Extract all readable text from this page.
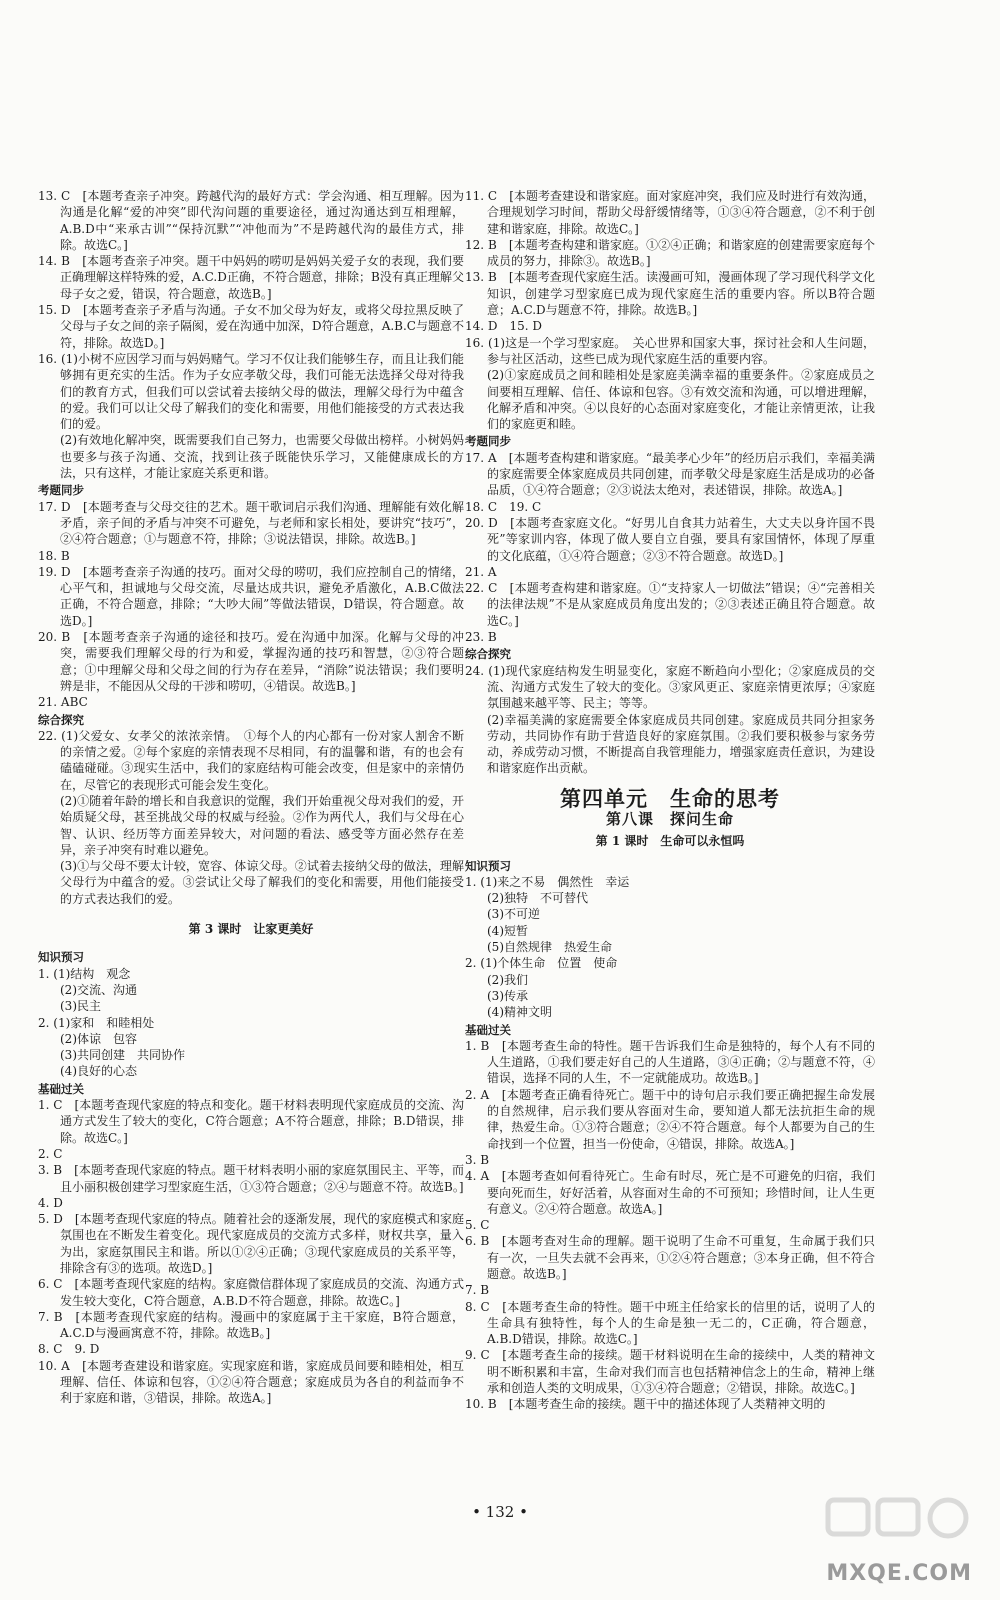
13. C　[本题考查亲子冲突。跨越代沟的最好方式：学会沟通、相互理解。因为沟通是化解“爱的冲突”即代沟问题的重要途径，通过沟通达到互相理解，A.B.D中“来承古训”“保持沉默”“冲他而为”不是跨越代沟的最佳方式，排除。故选C。]
14. B　[本题考查亲子冲突。题干中妈妈的唠叨是妈妈关爱子女的表现，我们要正确理解这样特殊的爱，A.C.D正确，不符合题意，排除；B没有真正理解父母子女之爱，错误，符合题意，故选B。]
15. D　[本题考查亲子矛盾与沟通。子女不加父母为好友，或将父母拉黑反映了父母与子女之间的亲子隔阂，爱在沟通中加深，D符合题意，A.B.C与题意不符，排除。故选D。]
16. (1)小树不应因学习而与妈妈赌气。学习不仅让我们能够生存，而且让我们能够拥有更充实的生活。作为子女应孝敬父母，我们可能无法选择父母对待我们的教育方式，但我们可以尝试着去接纳父母的做法，理解父母行为中蕴含的爱。我们可以让父母了解我们的变化和需要，用他们能接受的方式表达我们的爱。
(2)有效地化解冲突，既需要我们自己努力，也需要父母做出榜样。小树妈妈也要多与孩子沟通、交流，找到让孩子既能快乐学习，又能健康成长的方法，只有这样，才能让家庭关系更和谐。
考题同步
17. D　[本题考查与父母交往的艺术。题干歌词启示我们沟通、理解能有效化解矛盾，亲子间的矛盾与冲突不可避免，与老师和家长相处，要讲究“技巧”，②④符合题意；①与题意不符，排除；③说法错误，排除。故选B。]
18. B
19. D　[本题考查亲子沟通的技巧。面对父母的唠叨，我们应控制自己的情绪，心平气和，担诚地与父母交流，尽量达成共识，避免矛盾激化，A.B.C做法正确，不符合题意，排除；“大吵大闹”等做法错误，D错误，符合题意。故选D。]
20. B　[本题考查亲子沟通的途径和技巧。爱在沟通中加深。化解与父母的冲突，需要我们理解父母的行为和爱，掌握沟通的技巧和智慧，②③符合题意；①中理解父母和父母之间的行为存在差异，“消除”说法错误；我们要明辨是非，不能因从父母的干涉和唠叨，④错误。故选B。]
21. ABC
综合探究
22. (1)父爱女、女孝父的浓浓亲情。　①每个人的内心都有一份对家人割舍不断的亲情之爱。②每个家庭的亲情表现不尽相同，有的温馨和谐，有的也会有磕磕碰碰。③现实生活中，我们的家庭结构可能会改变，但是家中的亲情仍在，尽管它的表现形式可能会发生变化。
(2)①随着年龄的增长和自我意识的觉醒，我们开始重视父母对我们的爱，开始质疑父母，甚至挑战父母的权威与经验。②作为两代人，我们与父母在心智、认识、经历等方面差异较大，对问题的看法、感受等方面必然存在差异，亲子冲突有时难以避免。
(3)①与父母不要太计较，宽容、体谅父母。②试着去接纳父母的做法，理解父母行为中蕴含的爱。③尝试让父母了解我们的变化和需要，用他们能接受的方式表达我们的爱。
第 3 课时　让家更美好
知识预习
1. (1)结构　观念
(2)交流、沟通
(3)民主
2. (1)家和　和睦相处
(2)体谅　包容
(3)共同创建　共同协作
(4)良好的心态
基础过关
1. C　[本题考查现代家庭的特点和变化。题干材料表明现代家庭成员的交流、沟通方式发生了较大的变化，C符合题意；A不符合题意，排除；B.D错误，排除。故选C。]
2. C
3. B　[本题考查现代家庭的特点。题干材料表明小丽的家庭氛围民主、平等，而且小丽积极创建学习型家庭生活，①③符合题意；②④与题意不符。故选B。]
4. D
5. D　[本题考查现代家庭的特点。随着社会的逐渐发展，现代的家庭模式和家庭氛围也在不断发生着变化。现代家庭成员的交流方式多样，财权共享，量入为出，家庭氛围民主和谐。所以①②④正确；③现代家庭成员的关系平等，排除含有③的选项。故选D。]
6. C　[本题考查现代家庭的结构。家庭微信群体现了家庭成员的交流、沟通方式发生较大变化，C符合题意，A.B.D不符合题意，排除。故选C。]
7. B　[本题考查现代家庭的结构。漫画中的家庭属于主干家庭，B符合题意，A.C.D与漫画寓意不符，排除。故选B。]
8. C　9. D
10. A　[本题考查建设和谐家庭。实现家庭和谐，家庭成员间要和睦相处，相互理解、信任、体谅和包容，①②④符合题意；家庭成员为各自的利益而争不利于家庭和谐，③错误，排除。故选A。]
11. C　[本题考查建设和谐家庭。面对家庭冲突，我们应及时进行有效沟通，合理规划学习时间，帮助父母舒缓情绪等，①③④符合题意，②不利于创建和谐家庭，排除。故选C。]
12. B　[本题考查构建和谐家庭。①②④正确；和谐家庭的创建需要家庭每个成员的努力，排除③。故选B。]
13. B　[本题考查现代家庭生活。读漫画可知，漫画体现了学习现代科学文化知识，创建学习型家庭已成为现代家庭生活的重要内容。所以B符合题意；A.C.D与题意不符，排除。故选B。]
14. D　15. D
16. (1)这是一个学习型家庭。　关心世界和国家大事，探讨社会和人生问题，参与社区活动，这些已成为现代家庭生活的重要内容。
(2)①家庭成员之间和睦相处是家庭美满幸福的重要条件。②家庭成员之间要相互理解、信任、体谅和包容。③有效交流和沟通，可以增进理解，化解矛盾和冲突。④以良好的心态面对家庭变化，才能让亲情更浓，让我们的家庭更和睦。
考题同步
17. A　[本题考查构建和谐家庭。“最美孝心少年”的经历启示我们，幸福美满的家庭需要全体家庭成员共同创建，而孝敬父母是家庭生活是成功的必备品质，①④符合题意；②③说法太绝对，表述错误，排除。故选A。]
18. C　19. C
20. D　[本题考查家庭文化。“好男儿自食其力站着生，大丈夫以身许国不畏死”等家训内容，体现了做人要自立自强，要具有家国情怀，体现了厚重的文化底蕴，①④符合题意；②③不符合题意。故选D。]
21. A
22. C　[本题考查构建和谐家庭。①“支持家人一切做法”错误；④“完善相关的法律法规”不是从家庭成员角度出发的；②③表述正确且符合题意。故选C。]
23. B
综合探究
24. (1)现代家庭结构发生明显变化，家庭不断趋向小型化；②家庭成员的交流、沟通方式发生了较大的变化。③家风更正、家庭亲情更浓厚；④家庭氛围越来越平等、民主；等等。
(2)幸福美满的家庭需要全体家庭成员共同创建。家庭成员共同分担家务劳动，共同协作有助于营造良好的家庭氛围。②我们要积极参与家务劳动，养成劳动习惯，不断提高自我管理能力，增强家庭责任意识，为建设和谐家庭作出贡献。
第四单元　生命的思考
第八课　探问生命
第 1 课时　生命可以永恒吗
知识预习
1. (1)来之不易　偶然性　幸运
(2)独特　不可替代
(3)不可逆
(4)短暂
(5)自然规律　热爱生命
2. (1)个体生命　位置　使命
(2)我们
(3)传承
(4)精神文明
基础过关
1. B　[本题考查生命的特性。题干告诉我们生命是独特的，每个人有不同的人生道路，①我们要走好自己的人生道路，③④正确；②与题意不符，④错误，选择不同的人生，不一定就能成功。故选B。]
2. A　[本题考查正确看待死亡。题干中的诗句启示我们要正确把握生命发展的自然规律，启示我们要从容面对生命，要知道人都无法抗拒生命的规律，热爱生命。①③符合题意；②④不符合题意。每个人都要为自己的生命找到一个位置，担当一份使命，④错误，排除。故选A。]
3. B
4. A　[本题考查如何看待死亡。生命有时尽，死亡是不可避免的归宿，我们要向死而生，好好活着，从容面对生命的不可预知；珍惜时间，让人生更有意义。②④符合题意。故选A。]
5. C
6. B　[本题考查对生命的理解。题干说明了生命不可重复，生命属于我们只有一次，一旦失去就不会再来，①②④符合题意；③本身正确，但不符合题意。故选B。]
7. B
8. C　[本题考查生命的特性。题干中班主任给家长的信里的话，说明了人的生命具有独特性，每个人的生命是独一无二的，C正确，符合题意，A.B.D错误，排除。故选C。]
9. C　[本题考查生命的接续。题干材料说明在生命的接续中，人类的精神文明不断积累和丰富，生命对我们而言也包括精神信念上的生命，精神上继承和创造人类的文明成果，①③④符合题意；②错误，排除。故选C。]
10. B　[本题考查生命的接续。题干中的描述体现了人类精神文明的
• 132 •
MXQE.COM
